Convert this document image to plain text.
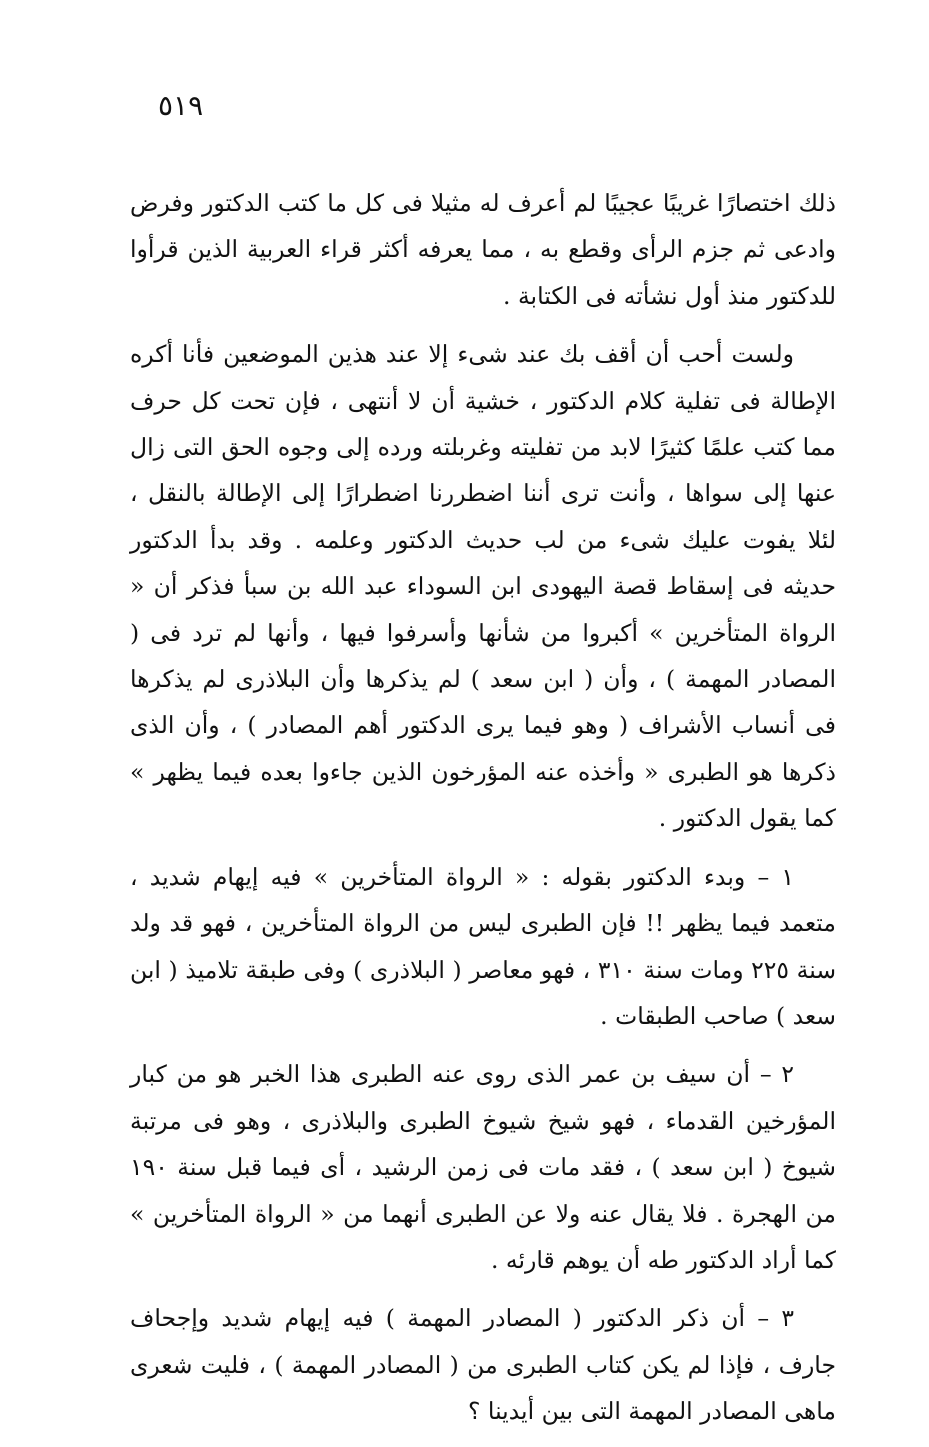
٥١٩

ذلك اختصارًا غريبًا عجيبًا لم أعرف له مثيلا فى كل ما كتب الدكتور وفرض وادعى ثم جزم الرأى وقطع به ، مما يعرفه أكثر قراء العربية الذين قرأوا للدكتور منذ أول نشأته فى الكتابة .

ولست أحب أن أقف بك عند شىء إلا عند هذين الموضعين فأنا أكره الإطالة فى تفلية كلام الدكتور ، خشية أن لا أنتهى ، فإن تحت كل حرف مما كتب علمًا كثيرًا لابد من تفليته وغربلته ورده إلى وجوه الحق التى زال عنها إلى سواها ، وأنت ترى أننا اضطررنا اضطرارًا إلى الإطالة بالنقل ، لئلا يفوت عليك شىء من لب حديث الدكتور وعلمه . وقد بدأ الدكتور حديثه فى إسقاط قصة اليهودى ابن السوداء عبد الله بن سبأ فذكر أن « الرواة المتأخرين » أكبروا من شأنها وأسرفوا فيها ، وأنها لم ترد فى ( المصادر المهمة ) ، وأن ( ابن سعد ) لم يذكرها وأن البلاذرى لم يذكرها فى أنساب الأشراف ( وهو فيما يرى الدكتور أهم المصادر ) ، وأن الذى ذكرها هو الطبرى « وأخذه عنه المؤرخون الذين جاءوا بعده فيما يظهر » كما يقول الدكتور .

١ – وبدء الدكتور بقوله : « الرواة المتأخرين » فيه إيهام شديد ، متعمد فيما يظهر !! فإن الطبرى ليس من الرواة المتأخرين ، فهو قد ولد سنة ٢٢٥ ومات سنة ٣١٠ ، فهو معاصر ( البلاذرى ) وفى طبقة تلاميذ ( ابن سعد ) صاحب الطبقات .

٢ – أن سيف بن عمر الذى روى عنه الطبرى هذا الخبر هو من كبار المؤرخين القدماء ، فهو شيخ شيوخ الطبرى والبلاذرى ، وهو فى مرتبة شيوخ ( ابن سعد ) ، فقد مات فى زمن الرشيد ، أى فيما قبل سنة ١٩٠ من الهجرة . فلا يقال عنه ولا عن الطبرى أنهما من « الرواة المتأخرين » كما أراد الدكتور طه أن يوهم قارئه .

٣ – أن ذكر الدكتور ( المصادر المهمة ) فيه إيهام شديد وإجحاف جارف ، فإذا لم يكن كتاب الطبرى من ( المصادر المهمة ) ، فليت شعرى ماهى المصادر المهمة التى بين أيدينا ؟
